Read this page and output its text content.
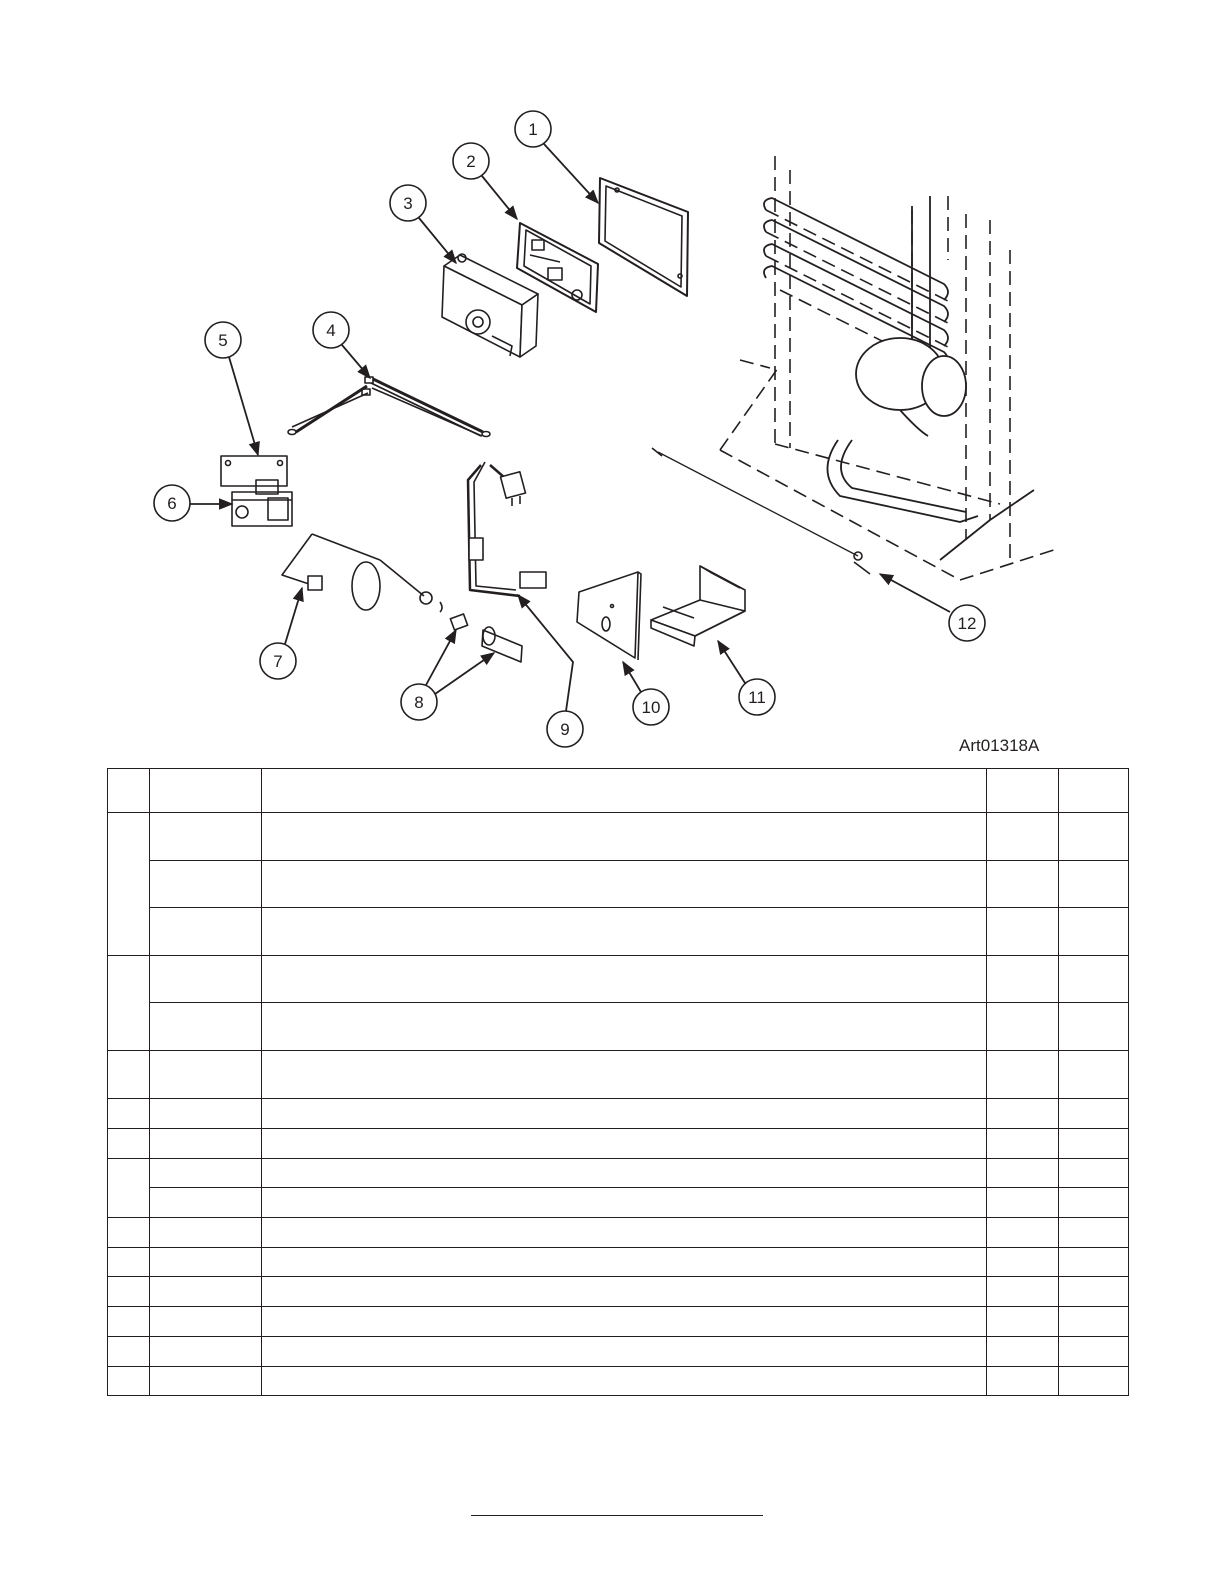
1
2
3
4
5
6
7
8
9
10
11
12
Art01318A
